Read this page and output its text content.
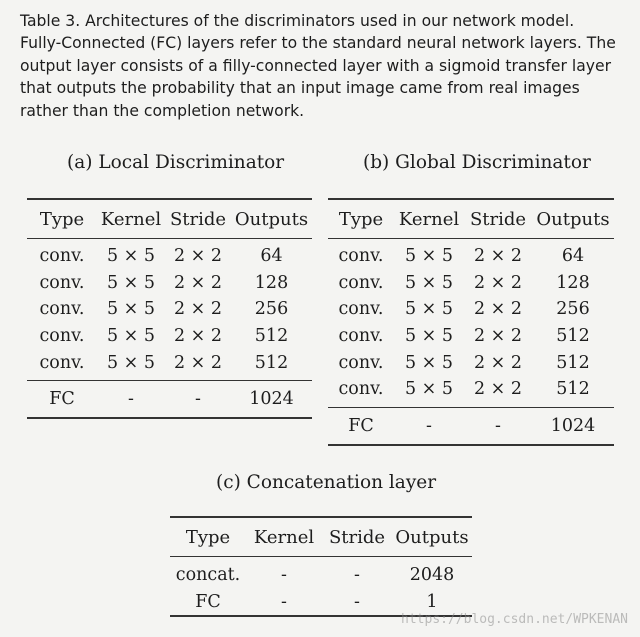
Table 3. Architectures of the discriminators used in our network model.
Fully-Connected (FC) layers refer to the standard neural network layers. The
output layer consists of a filly-connected layer with a sigmoid transfer layer
that outputs the probability that an input image came from real images
rather than the completion network.
(a) Local Discriminator	(b) Global Discriminator
(c) Concatenation layer
Type	Kernel	Stride	Outputs
conv.	5 × 5	2 × 2	64
conv.	5 × 5	2 × 2	128
conv.	5 × 5	2 × 2	256
conv.	5 × 5	2 × 2	512
conv.	5 × 5	2 × 2	512
FC	-	-	1024
Type	Kernel	Stride	Outputs
conv.	5 × 5	2 × 2	64
conv.	5 × 5	2 × 2	128
conv.	5 × 5	2 × 2	256
conv.	5 × 5	2 × 2	512
conv.	5 × 5	2 × 2	512
conv.	5 × 5	2 × 2	512
FC	-	-	1024
Type	Kernel	Stride	Outputs
concat.	-	-	2048
FC	-	-	1
https://blog.csdn.net/WPKENAN
